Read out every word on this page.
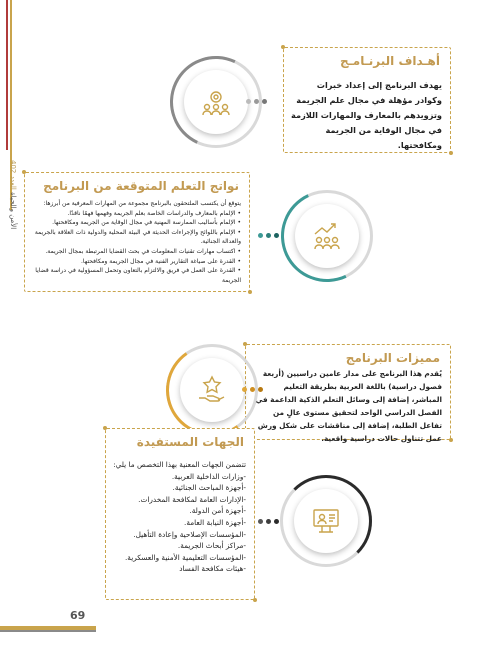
الأمن والحياة العدد 402
أهـداف البرنـامـج
يهدف البرنامج إلى إعداد خبرات وكوادر مؤهلة في مجال علم الجريمة وتزويدهم بالمعارف والمهارات اللازمة في مجال الوقاية من الجريمة ومكافحتها.
نواتج التعلم المتوقعة من البرنامج
يتوقع أن يكتسب الملتحقون بالبرنامج مجموعة من المهارات المعرفية من أبرزها:
• الإلمام بالمعارف والدراسات الخاصة بعلم الجريمة وفهمها فهمًا ناقدًا.
• الإلمام بأساليب الممارسة المهنية في مجال الوقاية من الجريمة ومكافحتها.
• الإلمام باللوائح والإجراءات الحديثة في البيئة المحلية والدولية ذات العلاقة بالجريمة والعدالة الجنائية.
• اكتساب مهارات تقنيات المعلومات في بحث القضايا المرتبطة بمجال الجريمة.
• القدرة على صياغة التقارير الفنية في مجال الجريمة ومكافحتها.
• القدرة على العمل في فريق والالتزام بالتعاون وتحمل المسؤولية في دراسة قضايا الجريمة
مميزات البرنامج
يُقدم هذا البرنامج على مدار عامين دراسيين (أربعة فصول دراسية) باللغة العربية بطريقة التعليم المباشر، إضافة إلى وسائل التعلم الذكية الداعمة في الفصل الدراسي الواحد لتحقيق مستوى عالٍ من تفاعل الطلبة، إضافة إلى مناقشات على شكل ورش عمل تتناول حالات دراسية واقعية.
الجهات المستفيدة
تتضمن الجهات المعنية بهذا التخصص ما يلي:
-وزارات الداخلية العربية.
-أجهزة المباحث الجنائية.
-الإدارات العامة لمكافحة المخدرات.
-أجهزة أمن الدولة.
-أجهزة النيابة العامة.
-المؤسسات الإصلاحية وإعادة التأهيل.
-مراكز أبحاث الجريمة.
-المؤسسات التعليمية الأمنية والعسكرية.
-هيئات مكافحة الفساد
69
